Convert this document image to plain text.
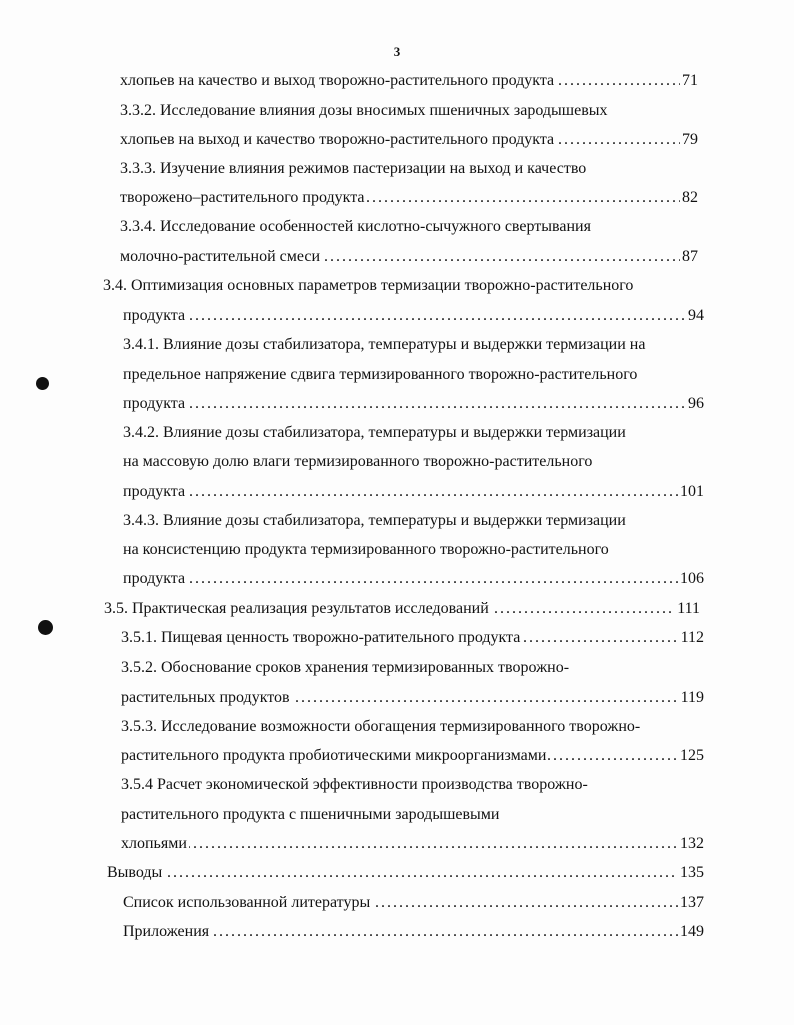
3
хлопьев на качество и выход творожно-растительного продукта	71
. . .
3.3.2. Исследование влияния дозы вносимых пшеничных зародышевых
хлопьев на выход и качество творожно-растительного продукта	79
. . .
3.3.3. Изучение влияния режимов пастеризации на выход и качество
твороженo–растительного продукта	82
. . .
3.3.4. Исследование особенностей кислотно-сычужного свертывания
молочно-растительной смеси	87
. . .
3.4. Оптимизация основных параметров термизации творожно-растительного
продукта	94
. . .
3.4.1. Влияние дозы стабилизатора, температуры и выдержки термизации на
предельное напряжение сдвига термизированного творожно-растительного
продукта	96
. . .
3.4.2. Влияние дозы стабилизатора, температуры и выдержки термизации
на массовую долю влаги термизированного творожно-растительного
продукта	101
. . .
3.4.3. Влияние дозы стабилизатора, температуры и выдержки термизации
на консистенцию продукта термизированного творожно-растительного
продукта	106
. . .
3.5. Практическая реализация результатов исследований	111
. . .
3.5.1. Пищевая ценность творожно-ратительного продукта	112
. . .
3.5.2. Обоснование сроков хранения термизированных творожно-
растительных продуктов	119
. . .
3.5.3. Исследование возможности обогащения термизированного творожно-
растительного продукта пробиотическими микроорганизмами	125
. . .
3.5.4 Расчет экономической эффективности производства творожно-
растительного продукта с пшеничными зародышевыми
хлопьями	132
. . .
Выводы	135
. . .
Список использованной литературы	137
. . .
Приложения	149
. . .
